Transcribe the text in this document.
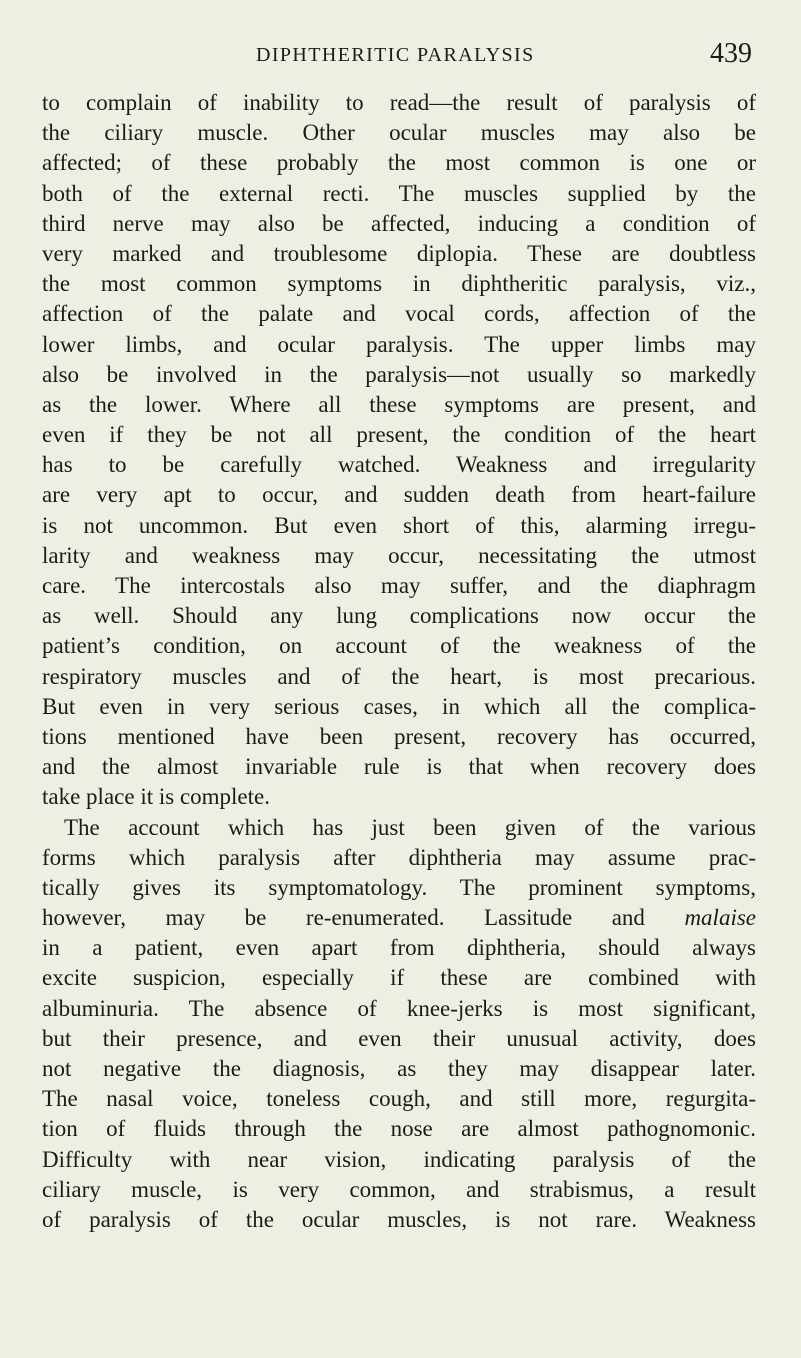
DIPHTHERITIC PARALYSIS	439
to complain of inability to read—the result of paralysis of
the ciliary muscle. Other ocular muscles may also be
affected; of these probably the most common is one or
both of the external recti. The muscles supplied by the
third nerve may also be affected, inducing a condition of
very marked and troublesome diplopia. These are doubtless
the most common symptoms in diphtheritic paralysis, viz.,
affection of the palate and vocal cords, affection of the
lower limbs, and ocular paralysis. The upper limbs may
also be involved in the paralysis—not usually so markedly
as the lower. Where all these symptoms are present, and
even if they be not all present, the condition of the heart
has to be carefully watched. Weakness and irregularity
are very apt to occur, and sudden death from heart-failure
is not uncommon. But even short of this, alarming irregu-
larity and weakness may occur, necessitating the utmost
care. The intercostals also may suffer, and the diaphragm
as well. Should any lung complications now occur the
patient’s condition, on account of the weakness of the
respiratory muscles and of the heart, is most precarious.
But even in very serious cases, in which all the complica-
tions mentioned have been present, recovery has occurred,
and the almost invariable rule is that when recovery does
take place it is complete.
The account which has just been given of the various
forms which paralysis after diphtheria may assume prac-
tically gives its symptomatology. The prominent symptoms,
however, may be re-enumerated. Lassitude and malaise
in a patient, even apart from diphtheria, should always
excite suspicion, especially if these are combined with
albuminuria. The absence of knee-jerks is most significant,
but their presence, and even their unusual activity, does
not negative the diagnosis, as they may disappear later.
The nasal voice, toneless cough, and still more, regurgita-
tion of fluids through the nose are almost pathognomonic.
Difficulty with near vision, indicating paralysis of the
ciliary muscle, is very common, and strabismus, a result
of paralysis of the ocular muscles, is not rare. Weakness
